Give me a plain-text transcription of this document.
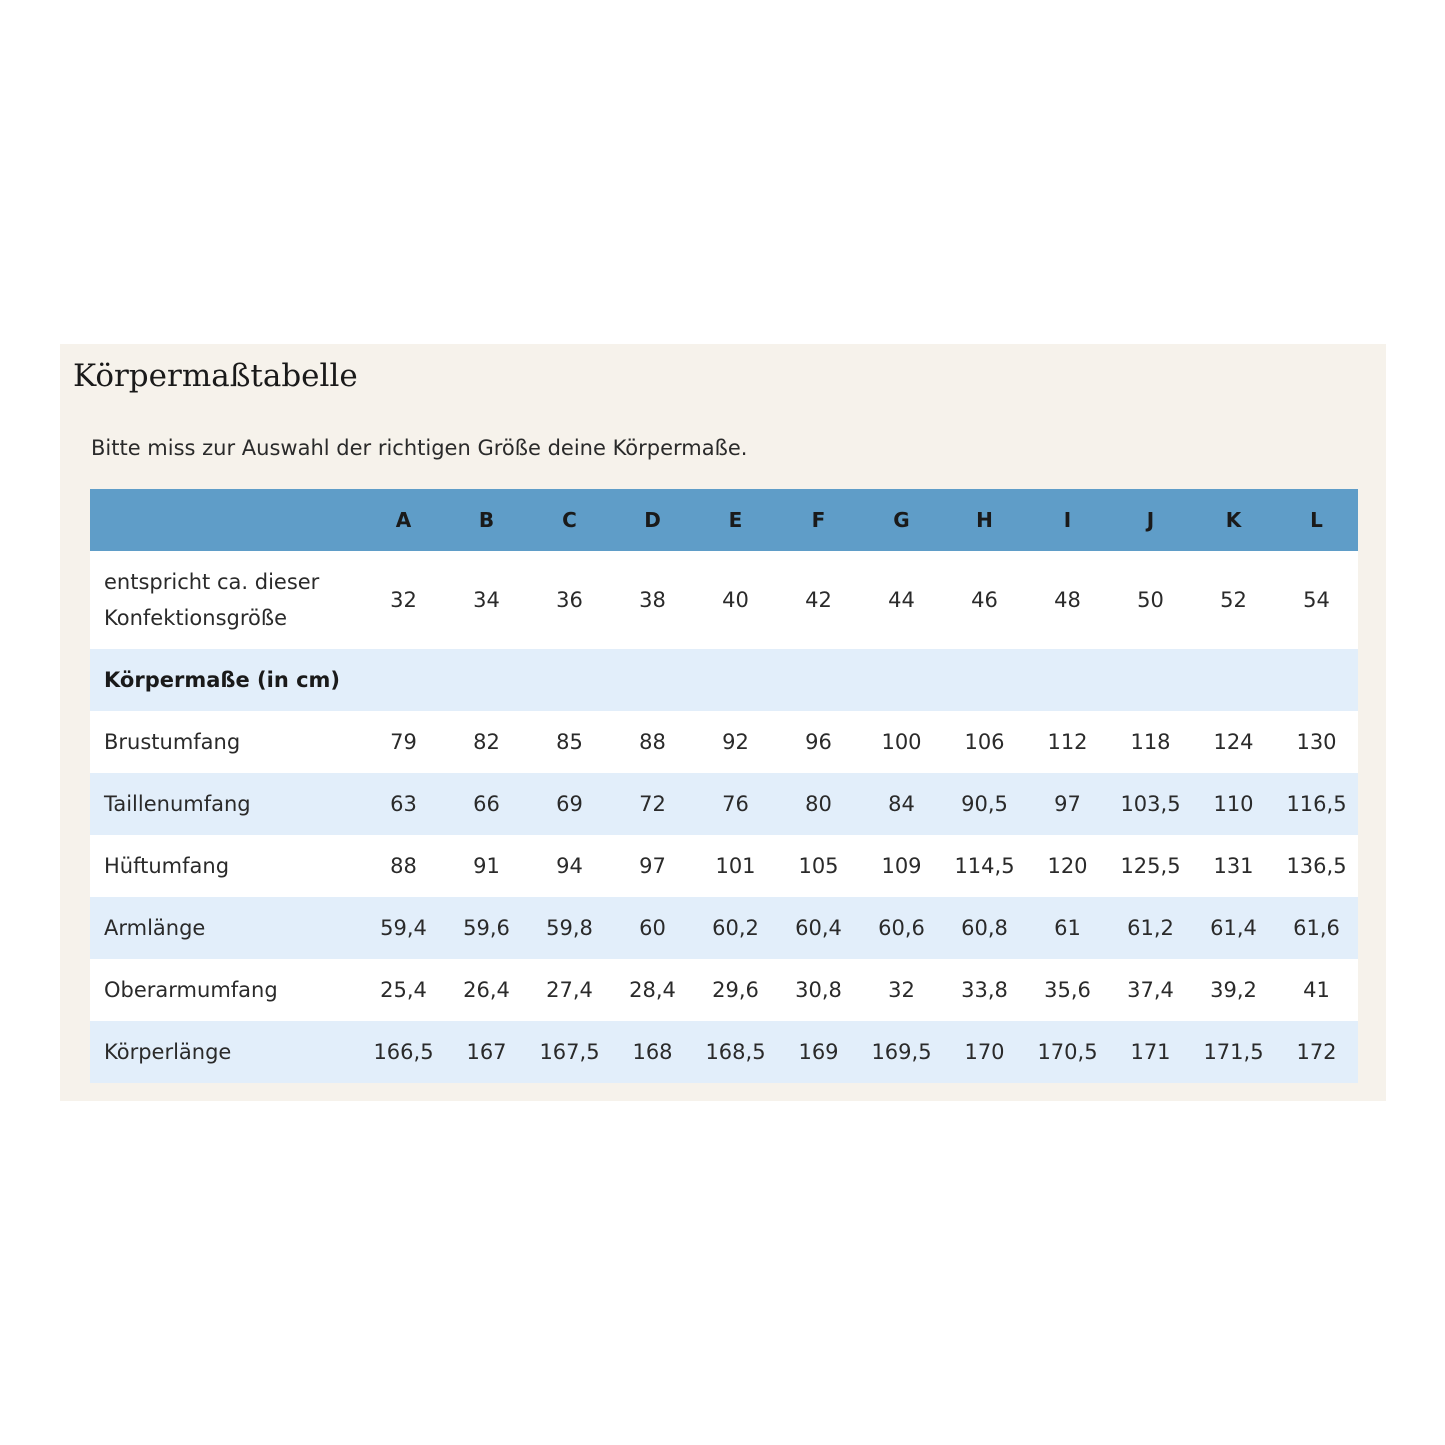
Körpermaßtabelle

Bitte miss zur Auswahl der richtigen Größe deine Körpermaße.

	A	B	C	D	E	F	G	H	I	J	K	L
entspricht ca. dieser
Konfektionsgröße	32	34	36	38	40	42	44	46	48	50	52	54
Körpermaße (in cm)												
Brustumfang	79	82	85	88	92	96	100	106	112	118	124	130
Taillenumfang	63	66	69	72	76	80	84	90,5	97	103,5	110	116,5
Hüftumfang	88	91	94	97	101	105	109	114,5	120	125,5	131	136,5
Armlänge	59,4	59,6	59,8	60	60,2	60,4	60,6	60,8	61	61,2	61,4	61,6
Oberarmumfang	25,4	26,4	27,4	28,4	29,6	30,8	32	33,8	35,6	37,4	39,2	41
Körperlänge	166,5	167	167,5	168	168,5	169	169,5	170	170,5	171	171,5	172
